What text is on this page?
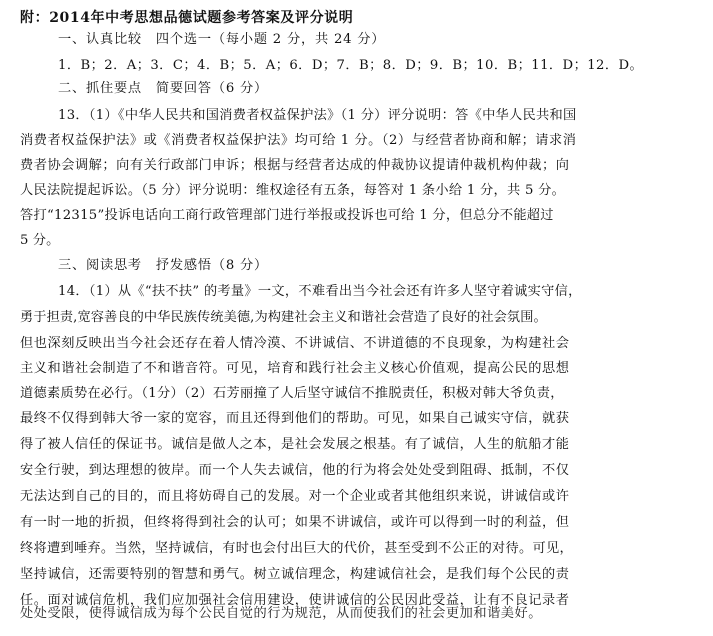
附：2014年中考思想品德试题参考答案及评分说明
一、认真比较　四个选一（每小题 2 分，共 24 分）
1．B；2．A；3．C；4．B；5．A；6．D；7．B；8．D；9．B；10．B；11．D；12．D。
二、抓住要点　简要回答（6 分）
13．（1）《中华人民共和国消费者权益保护法》（1 分）评分说明：答《中华人民共和国
消费者权益保护法》或《消费者权益保护法》均可给 1 分。（2）与经营者协商和解；请求消
费者协会调解；向有关行政部门申诉；根据与经营者达成的仲裁协议提请仲裁机构仲裁；向
人民法院提起诉讼。（5 分）评分说明：维权途径有五条，每答对 1 条小给 1 分，共 5 分。
答打“12315”投诉电话向工商行政管理部门进行举报或投诉也可给 1 分，但总分不能超过
5 分。
三、阅读思考　抒发感悟（8 分）
14．（1）从《“扶不扶” 的考量》一文，不难看出当今社会还有许多人坚守着诚实守信，
勇于担责,宽容善良的中华民族传统美德,为构建社会主义和谐社会营造了良好的社会氛围。
但也深刻反映出当今社会还存在着人情冷漠、不讲诚信、不讲道德的不良现象，为构建社会
主义和谐社会制造了不和谐音符。可见，培育和践行社会主义核心价值观，提高公民的思想
道德素质势在必行。（1分）（2）石芳丽撞了人后坚守诚信不推脱责任，积极对韩大爷负责，
最终不仅得到韩大爷一家的宽容，而且还得到他们的帮助。可见，如果自己诚实守信，就获
得了被人信任的保证书。诚信是做人之本，是社会发展之根基。有了诚信，人生的航船才能
安全行驶，到达理想的彼岸。而一个人失去诚信，他的行为将会处处受到阻碍、抵制，不仅
无法达到自己的目的，而且将妨碍自己的发展。对一个企业或者其他组织来说，讲诚信或许
有一时一地的折损，但终将得到社会的认可；如果不讲诚信，或许可以得到一时的利益，但
终将遭到唾弃。当然，坚持诚信，有时也会付出巨大的代价，甚至受到不公正的对待。可见，
坚持诚信，还需要特别的智慧和勇气。树立诚信理念，构建诚信社会，是我们每个公民的责
任。面对诚信危机，我们应加强社会信用建设，使讲诚信的公民因此受益，让有不良记录者
处处受限，使得诚信成为每个公民自觉的行为规范，从而使我们的社会更加和谐美好。
